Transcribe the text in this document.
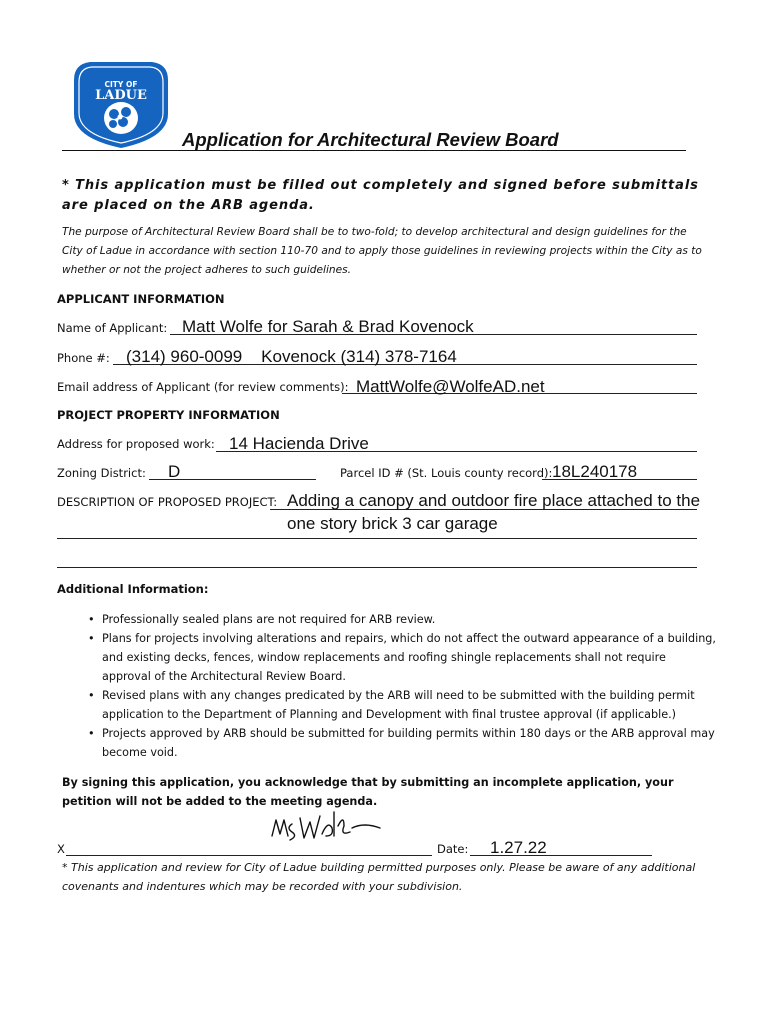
CITY OF
LADUE
Application for Architectural Review Board
* This application must be filled out completely and signed before submittals are placed on the ARB agenda.
The purpose of Architectural Review Board shall be to two-fold; to develop architectural and design guidelines for the City of Ladue in accordance with section 110-70 and to apply those guidelines in reviewing projects within the City as to whether or not the project adheres to such guidelines.
APPLICANT INFORMATION
Name of Applicant: Matt Wolfe for Sarah & Brad Kovenock
Phone #: (314) 960-0099    Kovenock (314) 378-7164
Email address of Applicant (for review comments): MattWolfe@WolfeAD.net
PROJECT PROPERTY INFORMATION
Address for proposed work: 14 Hacienda Drive
Zoning District: D	Parcel ID # (St. Louis county record): 18L240178
DESCRIPTION OF PROPOSED PROJECT: Adding a canopy and outdoor fire place attached to the
one story brick 3 car garage
Additional Information:
• Professionally sealed plans are not required for ARB review.
• Plans for projects involving alterations and repairs, which do not affect the outward appearance of a building, and existing decks, fences, window replacements and roofing shingle replacements shall not require approval of the Architectural Review Board.
• Revised plans with any changes predicated by the ARB will need to be submitted with the building permit application to the Department of Planning and Development with final trustee approval (if applicable.)
• Projects approved by ARB should be submitted for building permits within 180 days or the ARB approval may become void.
By signing this application, you acknowledge that by submitting an incomplete application, your petition will not be added to the meeting agenda.
X	Date: 1.27.22
* This application and review for City of Ladue building permitted purposes only. Please be aware of any additional covenants and indentures which may be recorded with your subdivision.
